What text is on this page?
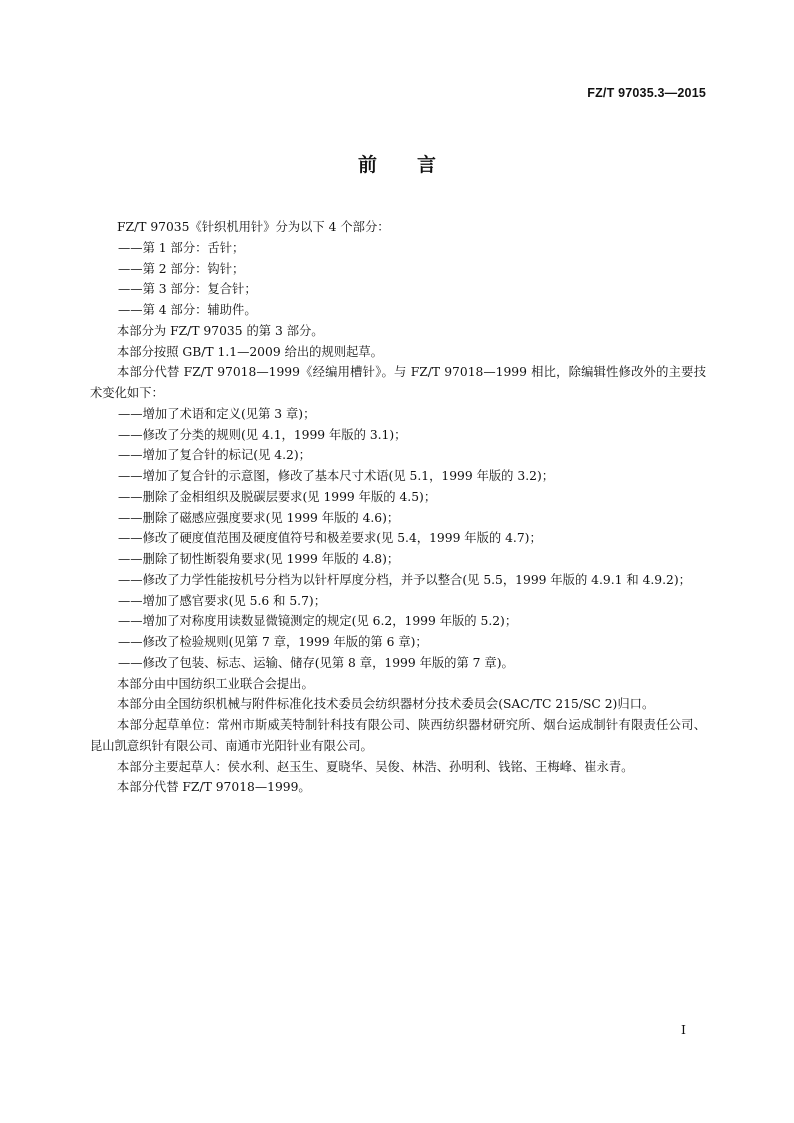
FZ/T 97035.3—2015
前言

FZ/T 97035《针织机用针》分为以下 4 个部分：

——第 1 部分：舌针；

——第 2 部分：钩针；

——第 3 部分：复合针；

——第 4 部分：辅助件。

本部分为 FZ/T 97035 的第 3 部分。

本部分按照 GB/T 1.1—2009 给出的规则起草。

本部分代替 FZ/T 97018—1999《经编用槽针》。与 FZ/T 97018—1999 相比，除编辑性修改外的主要技术变化如下：

——增加了术语和定义(见第 3 章)；

——修改了分类的规则(见 4.1，1999 年版的 3.1)；

——增加了复合针的标记(见 4.2)；

——增加了复合针的示意图，修改了基本尺寸术语(见 5.1，1999 年版的 3.2)；

——删除了金相组织及脱碳层要求(见 1999 年版的 4.5)；

——删除了磁感应强度要求(见 1999 年版的 4.6)；

——修改了硬度值范围及硬度值符号和极差要求(见 5.4，1999 年版的 4.7)；

——删除了韧性断裂角要求(见 1999 年版的 4.8)；

——修改了力学性能按机号分档为以针杆厚度分档，并予以整合(见 5.5，1999 年版的 4.9.1 和 4.9.2)；

——增加了感官要求(见 5.6 和 5.7)；

——增加了对称度用读数显微镜测定的规定(见 6.2，1999 年版的 5.2)；

——修改了检验规则(见第 7 章，1999 年版的第 6 章)；

——修改了包装、标志、运输、储存(见第 8 章，1999 年版的第 7 章)。

本部分由中国纺织工业联合会提出。

本部分由全国纺织机械与附件标准化技术委员会纺织器材分技术委员会(SAC/TC 215/SC 2)归口。

本部分起草单位：常州市斯威芙特制针科技有限公司、陕西纺织器材研究所、烟台运成制针有限责任公司、昆山凯意织针有限公司、南通市光阳针业有限公司。

本部分主要起草人：侯水利、赵玉生、夏晓华、吴俊、林浩、孙明利、钱铭、王梅峰、崔永青。

本部分代替 FZ/T 97018—1999。

I
